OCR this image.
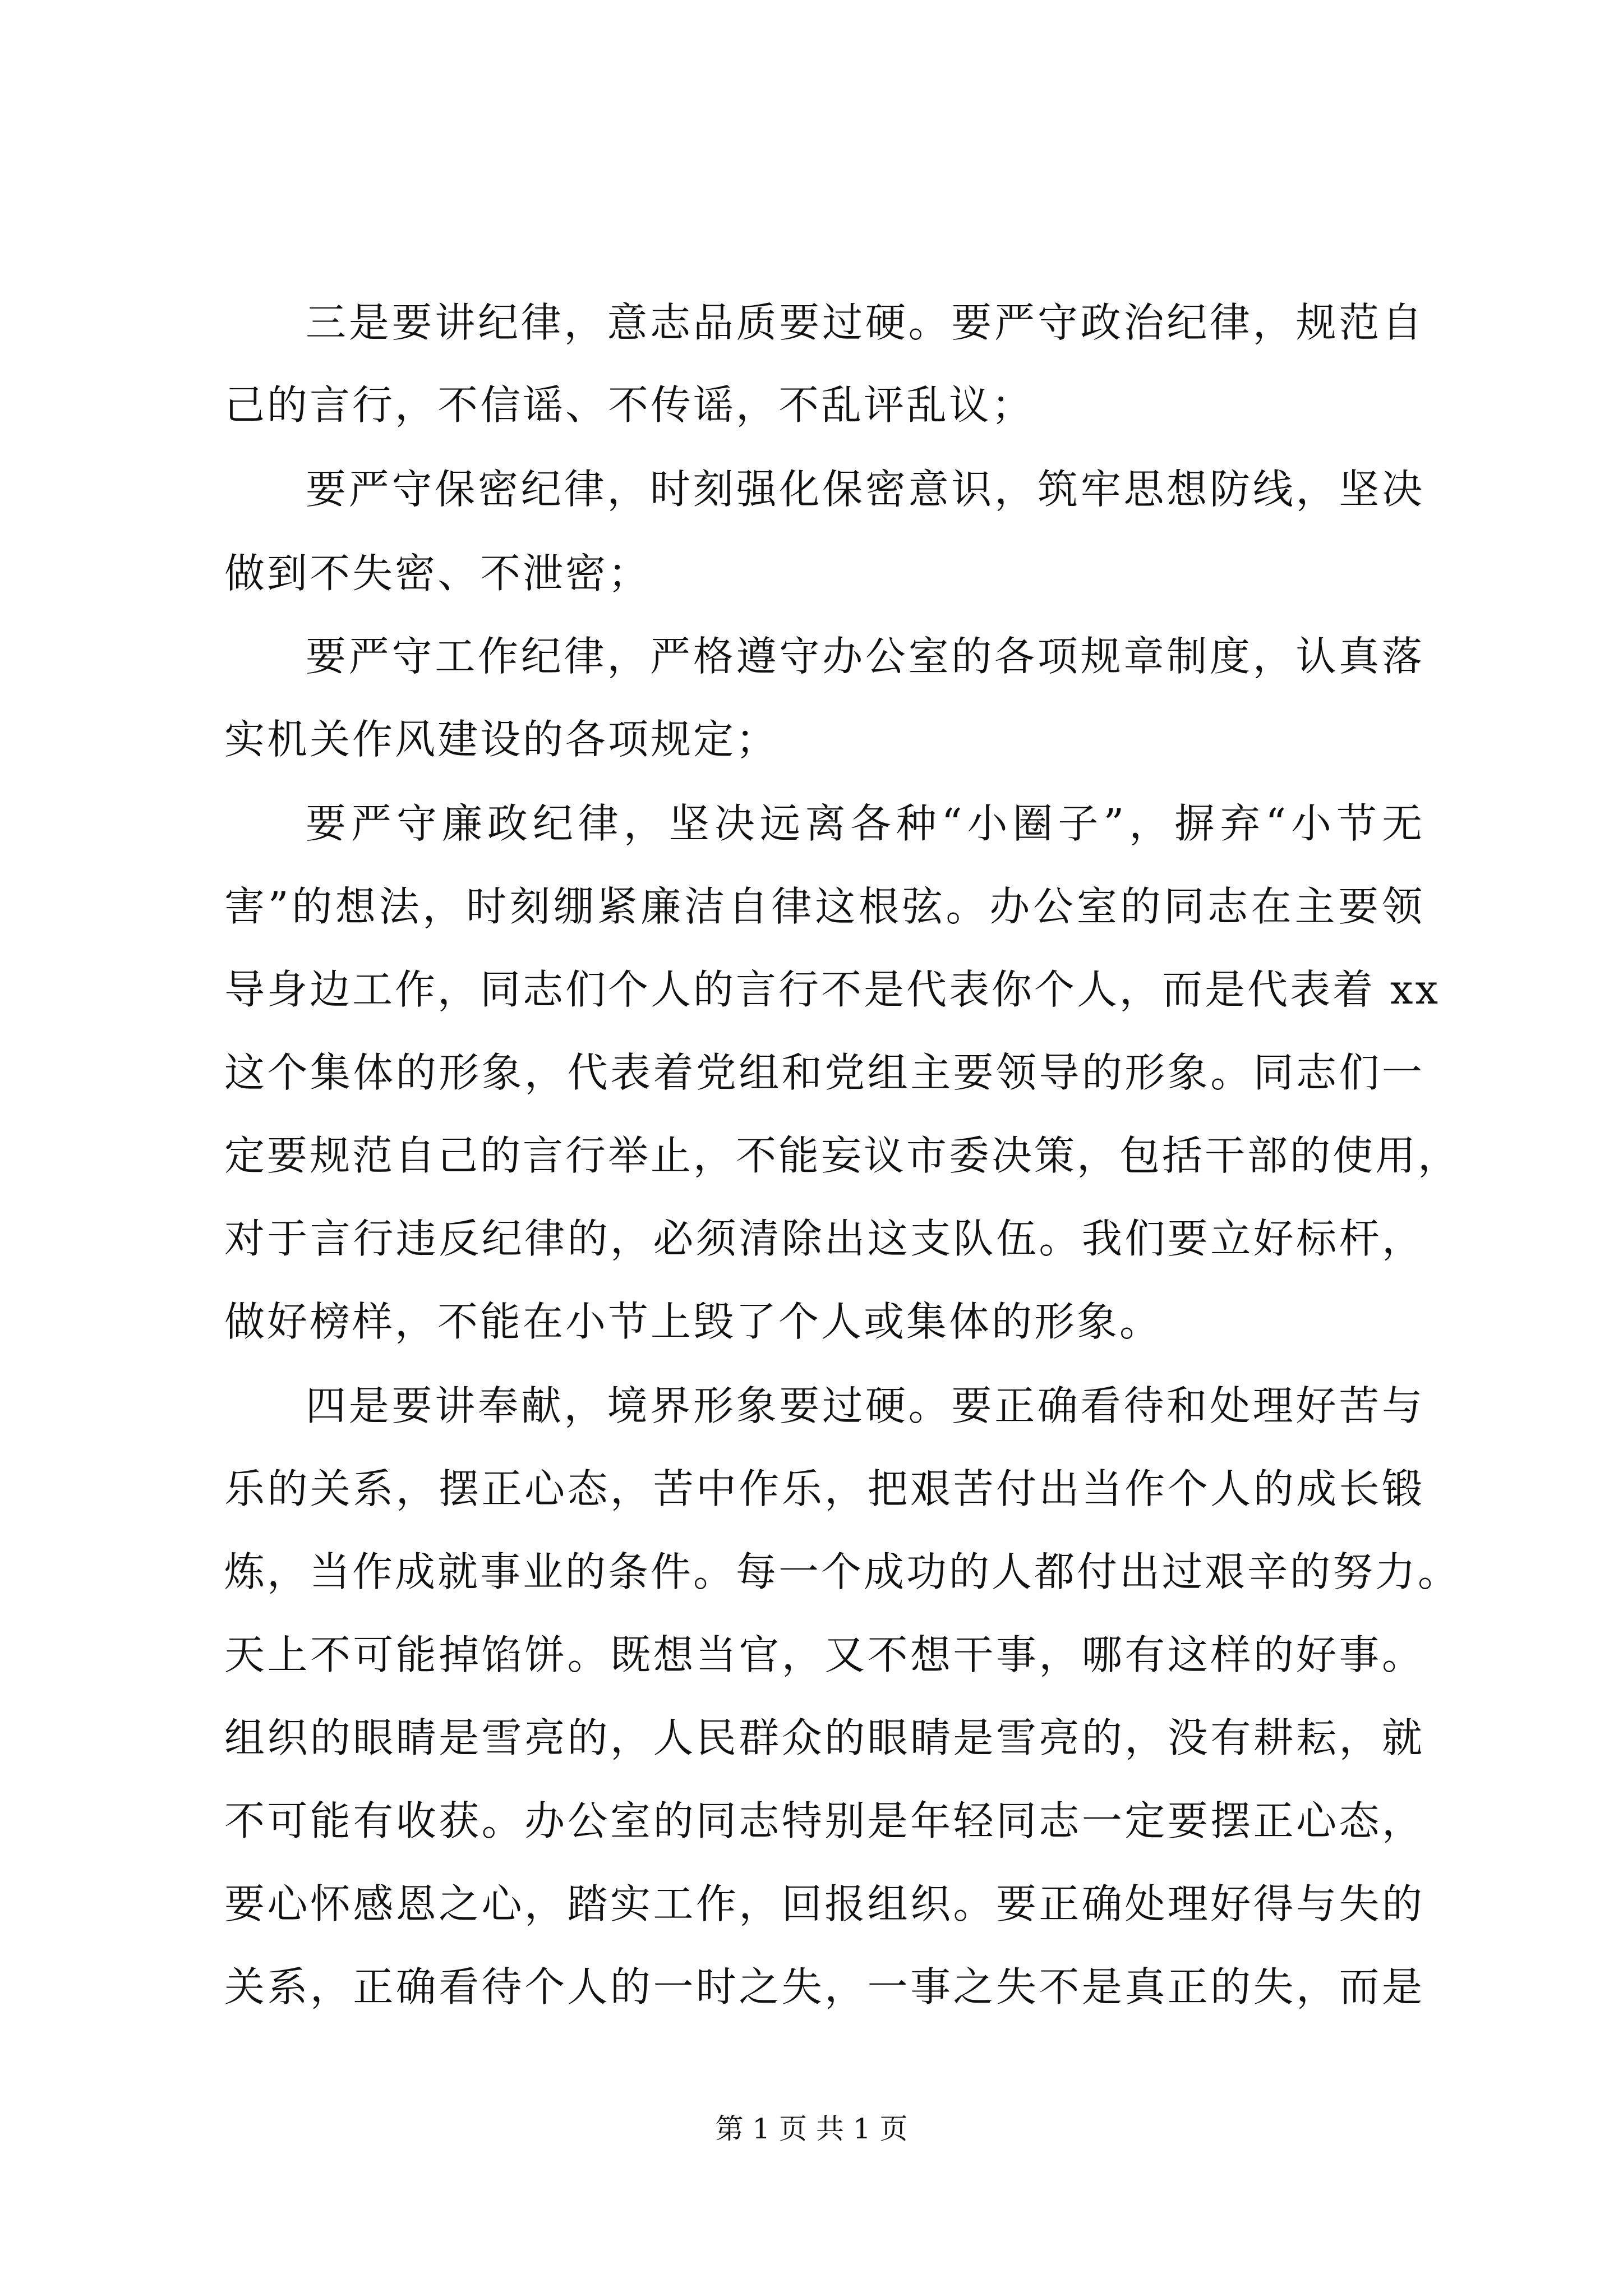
三是要讲纪律，意志品质要过硬。要严守政治纪律，规范自
己的言行，不信谣、不传谣，不乱评乱议；
要严守保密纪律，时刻强化保密意识，筑牢思想防线，坚决
做到不失密、不泄密；
要严守工作纪律，严格遵守办公室的各项规章制度，认真落
实机关作风建设的各项规定；
要严守廉政纪律，坚决远离各种“小圈子”，摒弃“小节无
害”的想法，时刻绷紧廉洁自律这根弦。办公室的同志在主要领
导身边工作，同志们个人的言行不是代表你个人，而是代表着 xx
这个集体的形象，代表着党组和党组主要领导的形象。同志们一
定要规范自己的言行举止，不能妄议市委决策，包括干部的使用，
对于言行违反纪律的，必须清除出这支队伍。我们要立好标杆，
做好榜样，不能在小节上毁了个人或集体的形象。
四是要讲奉献，境界形象要过硬。要正确看待和处理好苦与
乐的关系，摆正心态，苦中作乐，把艰苦付出当作个人的成长锻
炼，当作成就事业的条件。每一个成功的人都付出过艰辛的努力。
天上不可能掉馅饼。既想当官，又不想干事，哪有这样的好事。
组织的眼睛是雪亮的，人民群众的眼睛是雪亮的，没有耕耘，就
不可能有收获。办公室的同志特别是年轻同志一定要摆正心态，
要心怀感恩之心，踏实工作，回报组织。要正确处理好得与失的
关系，正确看待个人的一时之失，一事之失不是真正的失，而是
第 1 页 共 1 页
